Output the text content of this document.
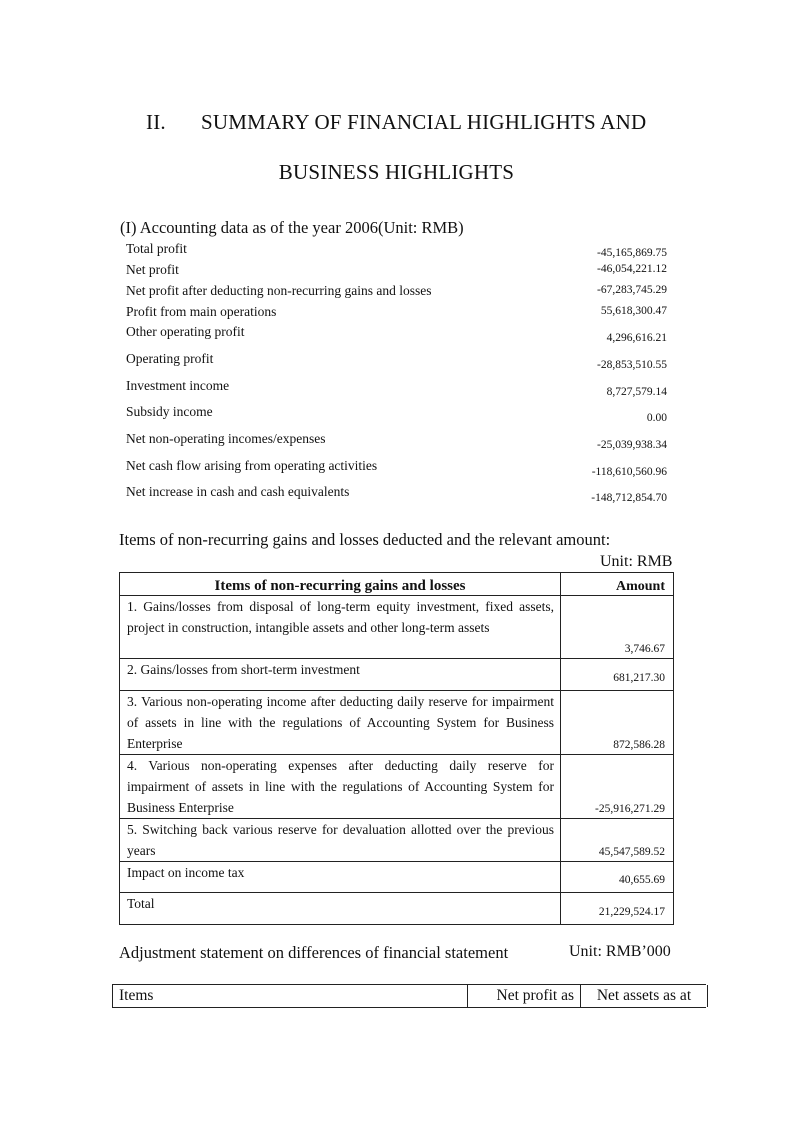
II. SUMMARY OF FINANCIAL HIGHLIGHTS AND
BUSINESS HIGHLIGHTS
(I) Accounting data as of the year 2006(Unit: RMB)
Total profit	-45,165,869.75
Net profit	-46,054,221.12
Net profit after deducting non-recurring gains and losses	-67,283,745.29
Profit from main operations	55,618,300.47
Other operating profit	4,296,616.21
Operating profit	-28,853,510.55
Investment income	8,727,579.14
Subsidy income	0.00
Net non-operating incomes/expenses	-25,039,938.34
Net cash flow arising from operating activities	-118,610,560.96
Net increase in cash and cash equivalents	-148,712,854.70
Items of non-recurring gains and losses deducted and the relevant amount:
Unit: RMB
Items of non-recurring gains and losses	Amount
1. Gains/losses from disposal of long-term equity investment, fixed assets, project in construction, intangible assets and other long-term assets	3,746.67
2. Gains/losses from short-term investment	681,217.30
3. Various non-operating income after deducting daily reserve for impairment of assets in line with the regulations of Accounting System for Business Enterprise	872,586.28
4. Various non-operating expenses after deducting daily reserve for impairment of assets in line with the regulations of Accounting System for Business Enterprise	-25,916,271.29
5. Switching back various reserve for devaluation allotted over the previous years	45,547,589.52
Impact on income tax	40,655.69
Total	21,229,524.17
Adjustment statement on differences of financial statement	Unit: RMB’000
Items	Net profit as	Net assets as at
